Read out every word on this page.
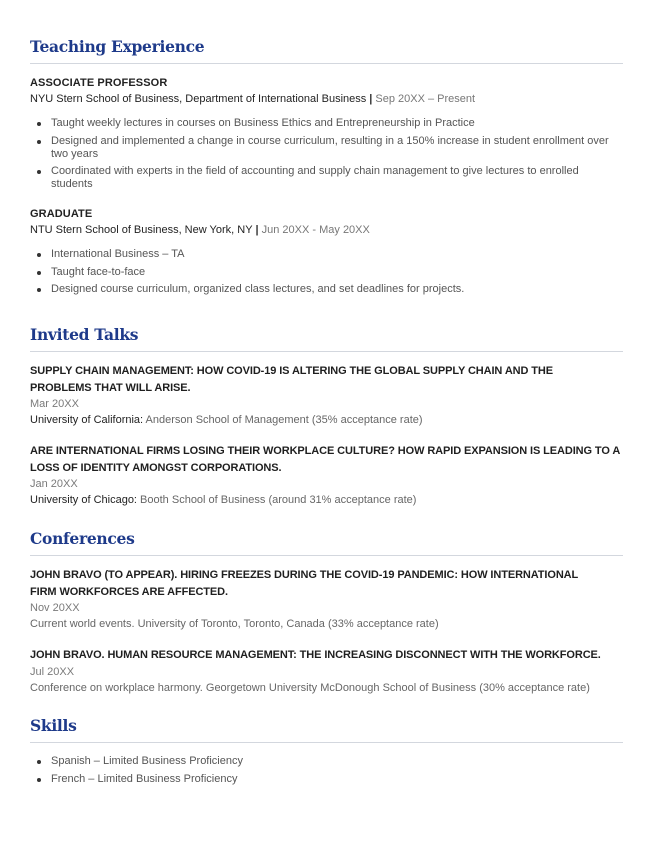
Teaching Experience
ASSOCIATE PROFESSOR
NYU Stern School of Business, Department of International Business | Sep 20XX – Present
Taught weekly lectures in courses on Business Ethics and Entrepreneurship in Practice
Designed and implemented a change in course curriculum, resulting in a 150% increase in student enrollment over two years
Coordinated with experts in the field of accounting and supply chain management to give lectures to enrolled students
GRADUATE
NTU Stern School of Business, New York, NY | Jun 20XX - May 20XX
International Business – TA
Taught face-to-face
Designed course curriculum, organized class lectures, and set deadlines for projects.
Invited Talks
SUPPLY CHAIN MANAGEMENT: HOW COVID-19 IS ALTERING THE GLOBAL SUPPLY CHAIN AND THE
PROBLEMS THAT WILL ARISE.
Mar 20XX
University of California: Anderson School of Management (35% acceptance rate)
ARE INTERNATIONAL FIRMS LOSING THEIR WORKPLACE CULTURE? HOW RAPID EXPANSION IS LEADING TO A
LOSS OF IDENTITY AMONGST CORPORATIONS.
Jan 20XX
University of Chicago: Booth School of Business (around 31% acceptance rate)
Conferences
JOHN BRAVO (TO APPEAR). HIRING FREEZES DURING THE COVID-19 PANDEMIC: HOW INTERNATIONAL
FIRM WORKFORCES ARE AFFECTED.
Nov 20XX
Current world events. University of Toronto, Toronto, Canada (33% acceptance rate)
JOHN BRAVO. HUMAN RESOURCE MANAGEMENT: THE INCREASING DISCONNECT WITH THE WORKFORCE.
Jul 20XX
Conference on workplace harmony. Georgetown University McDonough School of Business (30% acceptance rate)
Skills
Spanish – Limited Business Proficiency
French – Limited Business Proficiency
